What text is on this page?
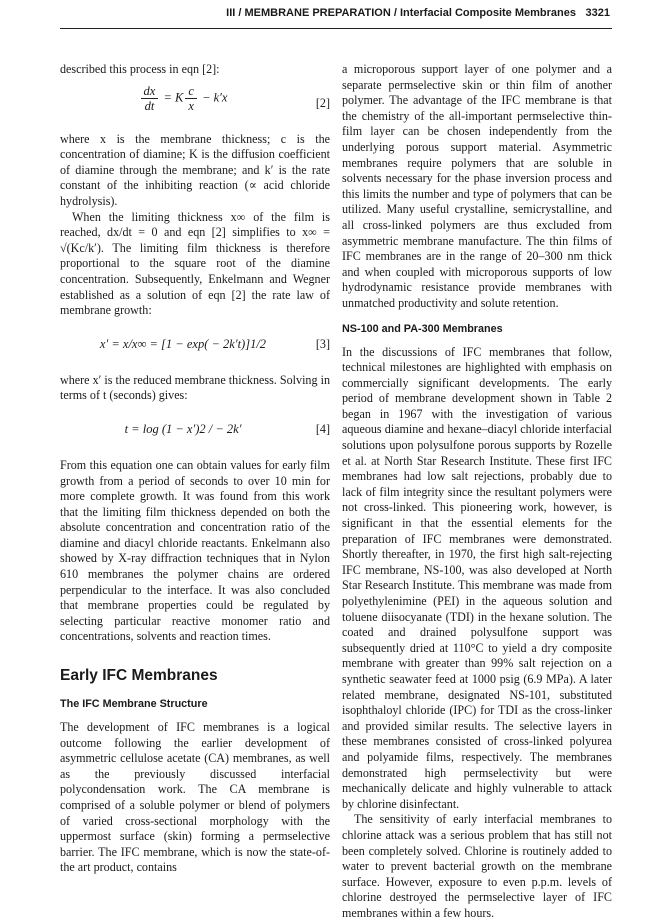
III / MEMBRANE PREPARATION / Interfacial Composite Membranes 3321

described this process in eqn [2]:

$\frac{dx}{dt} = K \frac{c}{x} - k'x$	[2]

where x is the membrane thickness; c is the concentration of diamine; K is the diffusion coefficient of diamine through the membrane; and k′ is the rate constant of the inhibiting reaction (∝ acid chloride hydrolysis).

When the limiting thickness x∞ of the film is reached, dx/dt = 0 and eqn [2] simplifies to x∞ = √(Kc/k′). The limiting film thickness is therefore proportional to the square root of the diamine concentration. Subsequently, Enkelmann and Wegner established as a solution of eqn [2] the rate law of membrane growth:

x′ = x/x∞ = [1 − exp( − 2k′t)]1/2	[3]

where x′ is the reduced membrane thickness. Solving in terms of t (seconds) gives:

t = log (1 − x′)2 / − 2k′	[4]

From this equation one can obtain values for early film growth from a period of seconds to over 10 min for more complete growth. It was found from this work that the limiting film thickness depended on both the absolute concentration and concentration ratio of the diamine and diacyl chloride reactants. Enkelmann also showed by X-ray diffraction techniques that in Nylon 610 membranes the polymer chains are ordered perpendicular to the interface. It was also concluded that membrane properties could be regulated by selecting particular reactive monomer ratio and concentrations, solvents and reaction times.

Early IFC Membranes
The IFC Membrane Structure

The development of IFC membranes is a logical outcome following the earlier development of asymmetric cellulose acetate (CA) membranes, as well as the previously discussed interfacial polycondensation work. The CA membrane is comprised of a soluble polymer or blend of polymers of varied cross-sectional morphology with the uppermost surface (skin) forming a permselective barrier. The IFC membrane, which is now the state-of-the art product, contains

a microporous support layer of one polymer and a separate permselective skin or thin film of another polymer. The advantage of the IFC membrane is that the chemistry of the all-important permselective thin-film layer can be chosen independently from the underlying porous support material. Asymmetric membranes require polymers that are soluble in solvents necessary for the phase inversion process and this limits the number and type of polymers that can be utilized. Many useful crystalline, semicrystalline, and all cross-linked polymers are thus excluded from asymmetric membrane manufacture. The thin films of IFC membranes are in the range of 20–300 nm thick and when coupled with microporous supports of low hydrodynamic resistance provide membranes with unmatched productivity and solute retention.

NS-100 and PA-300 Membranes

In the discussions of IFC membranes that follow, technical milestones are highlighted with emphasis on commercially significant developments. The early period of membrane development shown in Table 2 began in 1967 with the investigation of various aqueous diamine and hexane–diacyl chloride interfacial solutions upon polysulfone porous supports by Rozelle et al. at North Star Research Institute. These first IFC membranes had low salt rejections, probably due to lack of film integrity since the resultant polymers were not cross-linked. This pioneering work, however, is significant in that the essential elements for the preparation of IFC membranes were demonstrated. Shortly thereafter, in 1970, the first high salt-rejecting IFC membrane, NS-100, was also developed at North Star Research Institute. This membrane was made from polyethylenimine (PEI) in the aqueous solution and toluene diisocyanate (TDI) in the hexane solution. The coated and drained polysulfone support was subsequently dried at 110°C to yield a dry composite membrane with greater than 99% salt rejection on a synthetic seawater feed at 1000 psig (6.9 MPa). A later related membrane, designated NS-101, substituted isophthaloyl chloride (IPC) for TDI as the cross-linker and provided similar results. The selective layers in these membranes consisted of cross-linked polyurea and polyamide films, respectively. The membranes demonstrated high permselectivity but were mechanically delicate and highly vulnerable to attack by chlorine disinfectant.

The sensitivity of early interfacial membranes to chlorine attack was a serious problem that has still not been completely solved. Chlorine is routinely added to water to prevent bacterial growth on the membrane surface. However, exposure to even p.p.m. levels of chlorine destroyed the permselective layer of IFC membranes within a few hours.
